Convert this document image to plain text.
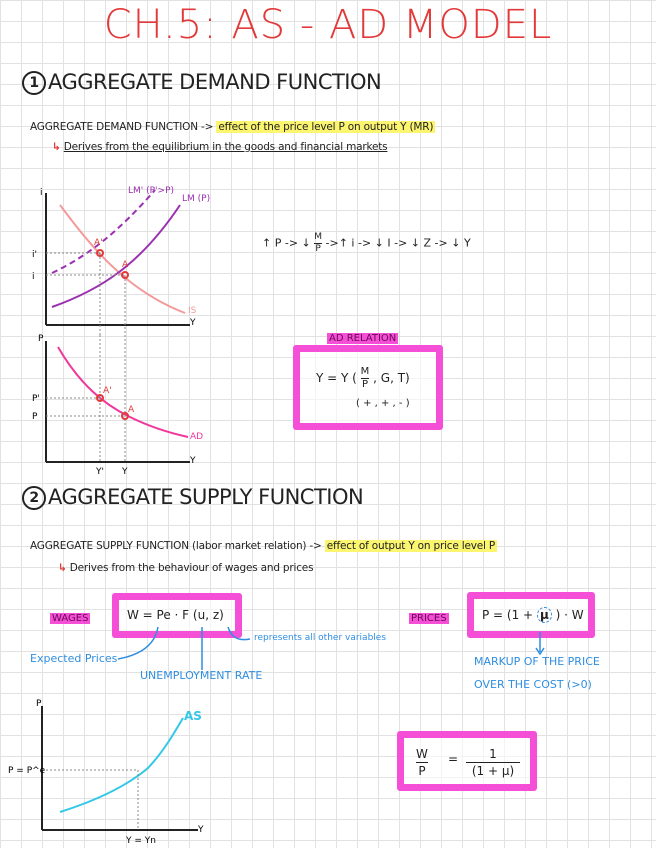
CH.5: AS - AD MODEL
1 AGGREGATE DEMAND FUNCTION
AGGREGATE DEMAND FUNCTION -> effect of the price level P on output Y (MR)
↳ Derives from the equilibrium in the goods and financial markets
i
Y
A'
A
i'
i
LM' (P'>P)
LM (P)
IS
P
Y
A'
A
P'
P
Y' Y
AD
↑ P -> ↓ $\frac{M}{P}$ ->↑ i -> ↓ I -> ↓ Z -> ↓ Y
AD RELATION
Y = Y ( $\frac{M}{P}$ , G, T)
( + , + , - )
2 AGGREGATE SUPPLY FUNCTION
AGGREGATE SUPPLY FUNCTION (labor market relation) -> effect of output Y on price level P
↳ Derives from the behaviour of wages and prices
WAGES	W = Pe · F (u, z)
represents all other variables
Expected Prices
UNEMPLOYMENT RATE
PRICES	P = (1 + μ ) · W
MARKUP OF THE PRICE
OVER THE COST (>0)
P
Y
P = P^e
Y = Yn
AS
$\frac{W}{P}$ =	1
(1 + μ)
